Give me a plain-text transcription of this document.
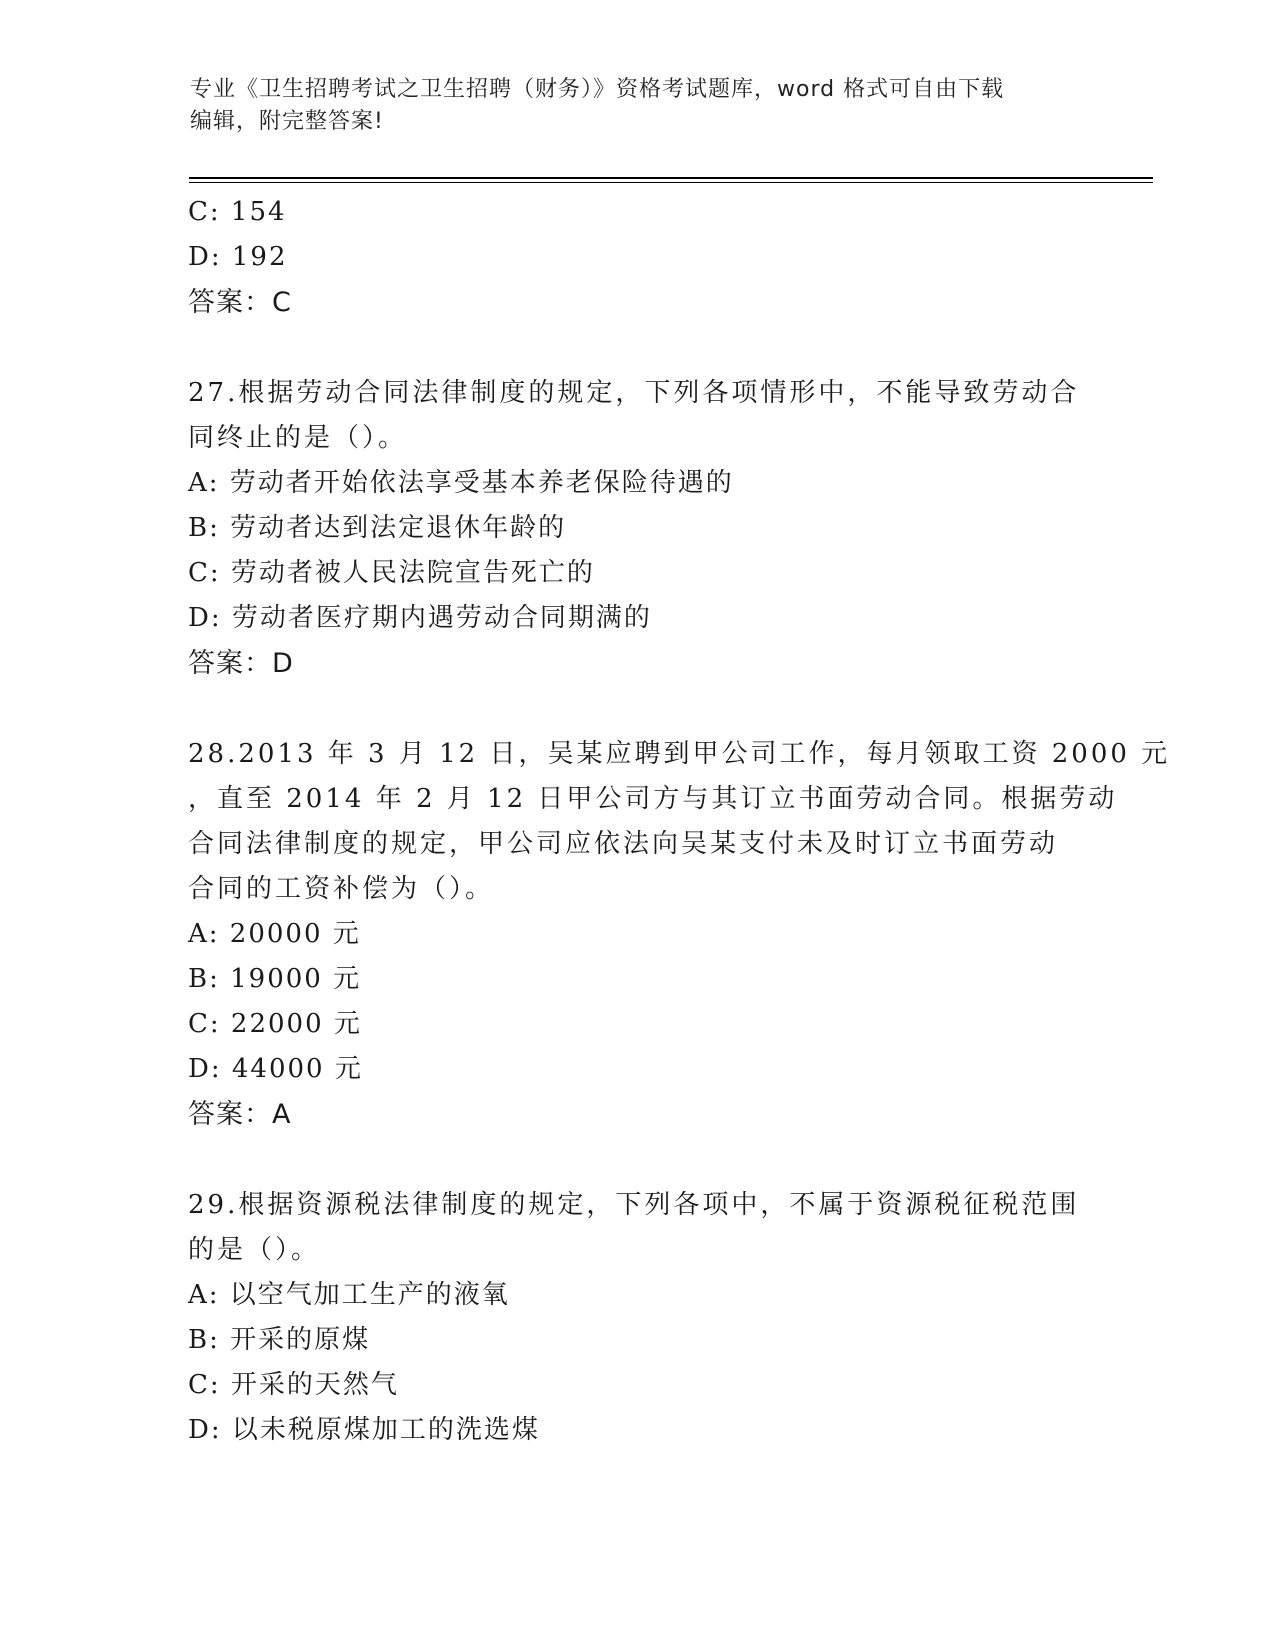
专业《卫生招聘考试之卫生招聘（财务）》资格考试题库，word 格式可自由下载
编辑，附完整答案!
C: 154
D: 192
答案：C
27.根据劳动合同法律制度的规定，下列各项情形中，不能导致劳动合
同终止的是（）。
A: 劳动者开始依法享受基本养老保险待遇的
B: 劳动者达到法定退休年龄的
C: 劳动者被人民法院宣告死亡的
D: 劳动者医疗期内遇劳动合同期满的
答案：D
28.2013 年 3 月 12 日，吴某应聘到甲公司工作，每月领取工资 2000 元
，直至 2014 年 2 月 12 日甲公司方与其订立书面劳动合同。根据劳动
合同法律制度的规定，甲公司应依法向吴某支付未及时订立书面劳动
合同的工资补偿为（）。
A: 20000 元
B: 19000 元
C: 22000 元
D: 44000 元
答案：A
29.根据资源税法律制度的规定，下列各项中，不属于资源税征税范围
的是（）。
A: 以空气加工生产的液氧
B: 开采的原煤
C: 开采的天然气
D: 以未税原煤加工的洗选煤
